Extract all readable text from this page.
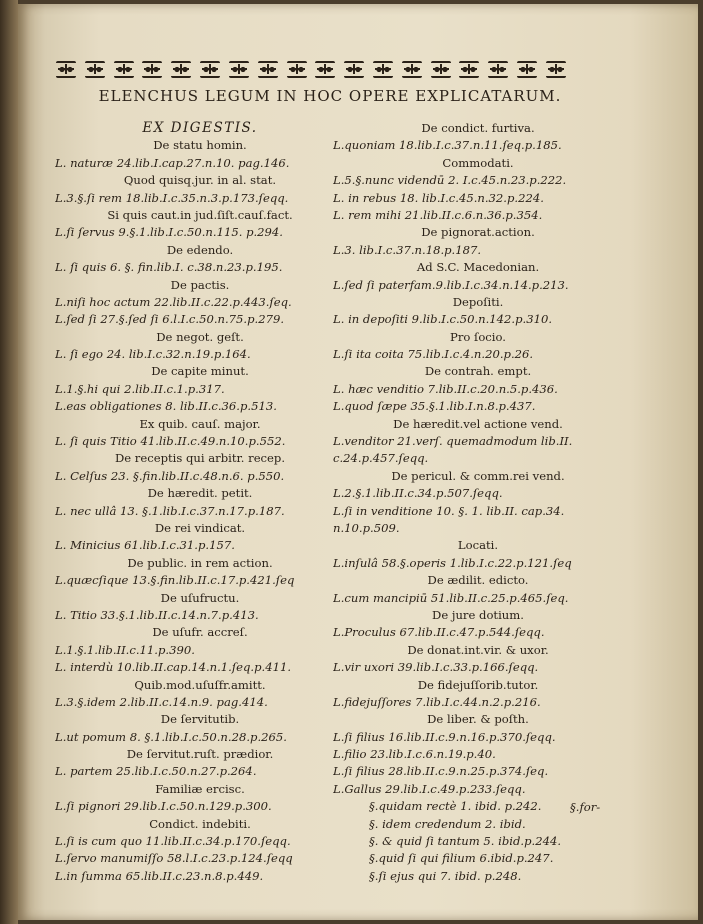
ELENCHUS LEGUM IN HOC OPERE EXPLICATARUM.
EX DIGESTIS.
De statu homin.
L. naturæ 24.lib.I.cap.27.n.10. pag.146.
Quod quisq.jur. in al. stat.
L.3.§.ſi rem 18.lib.I.c.35.n.3.p.173.ſeqq.
Si quis caut.in jud.ſiſt.cauſ.fact.
L.ſi ſervus 9.§.1.lib.I.c.50.n.115. p.294.
De edendo.
L. ſi quis 6. §. fin.lib.I. c.38.n.23.p.195.
De pactis.
L.niſi hoc actum 22.lib.II.c.22.p.443.ſeq.
L.ſed ſi 27.§.ſed ſi 6.l.I.c.50.n.75.p.279.
De negot. geſt.
L. ſi ego 24. lib.I.c.32.n.19.p.164.
De capite minut.
L.1.§.hi qui 2.lib.II.c.1.p.317.
L.eas obligationes 8. lib.II.c.36.p.513.
Ex quib. cauſ. major.
L. ſi quis Titio 41.lib.II.c.49.n.10.p.552.
De receptis qui arbitr. recep.
L. Celſus 23. §.fin.lib.II.c.48.n.6. p.550.
De hæredit. petit.
L. nec ullâ 13. §.1.lib.I.c.37.n.17.p.187.
De rei vindicat.
L. Minicius 61.lib.I.c.31.p.157.
De public. in rem action.
L.quæcſique 13.§.fin.lib.II.c.17.p.421.ſeq
De uſufructu.
L. Titio 33.§.1.lib.II.c.14.n.7.p.413.
De uſufr. accreſ.
L.1.§.1.lib.II.c.11.p.390.
L. interdù 10.lib.II.cap.14.n.1.ſeq.p.411.
Quib.mod.uſuſfr.amitt.
L.3.§.idem 2.lib.II.c.14.n.9. pag.414.
De ſervitutib.
L.ut pomum 8. §.1.lib.I.c.50.n.28.p.265.
De ſervitut.ruſt. prædior.
L. partem 25.lib.I.c.50.n.27.p.264.
Familiæ ercisc.
L.ſi pignori 29.lib.I.c.50.n.129.p.300.
Condict. indebiti.
L.ſi is cum quo 11.lib.II.c.34.p.170.ſeqq.
L.ſervo manumiſſo 58.l.I.c.23.p.124.ſeqq
L.in ſumma 65.lib.II.c.23.n.8.p.449.
De condict. furtiva.
L.quoniam 18.lib.I.c.37.n.11.ſeq.p.185.
Commodati.
L.5.§.nunc videndū 2. I.c.45.n.23.p.222.
L. in rebus 18. lib.I.c.45.n.32.p.224.
L. rem mihi 21.lib.II.c.6.n.36.p.354.
De pignorat.action.
L.3. lib.I.c.37.n.18.p.187.
Ad S.C. Macedonian.
L.ſed ſi paterfam.9.lib.I.c.34.n.14.p.213.
Depoſiti.
L. in depoſiti 9.lib.I.c.50.n.142.p.310.
Pro ſocio.
L.ſi ita coita 75.lib.I.c.4.n.20.p.26.
De contrah. empt.
L. hæc venditio 7.lib.II.c.20.n.5.p.436.
L.quod ſæpe 35.§.1.lib.I.n.8.p.437.
De hæredit.vel actione vend.
L.venditor 21.verſ. quemadmodum lib.II.
c.24.p.457.ſeqq.
De pericul. & comm.rei vend.
L.2.§.1.lib.II.c.34.p.507.ſeqq.
L.ſi in venditione 10. §. 1. lib.II. cap.34.
n.10.p.509.
Locati.
L.inſulâ 58.§.operis 1.lib.I.c.22.p.121.ſeq
De ædilit. edicto.
L.cum mancipiū 51.lib.II.c.25.p.465.ſeq.
De jure dotium.
L.Proculus 67.lib.II.c.47.p.544.ſeqq.
De donat.int.vir. & uxor.
L.vir uxori 39.lib.I.c.33.p.166.ſeqq.
De fidejuſſorib.tutor.
L.fidejuſſores 7.lib.I.c.44.n.2.p.216.
De liber. & poſth.
L.ſi filius 16.lib.II.c.9.n.16.p.370.ſeqq.
L.filio 23.lib.I.c.6.n.19.p.40.
L.ſi filius 28.lib.II.c.9.n.25.p.374.ſeq.
L.Gallus 29.lib.I.c.49.p.233.ſeqq.
§.quidam rectè 1. ibid. p.242.
§. idem credendum 2. ibid.
§. & quid ſi tantum 5. ibid.p.244.
§.quid ſi qui filium 6.ibid.p.247.
§.ſi ejus qui 7. ibid. p.248.
§.for-
